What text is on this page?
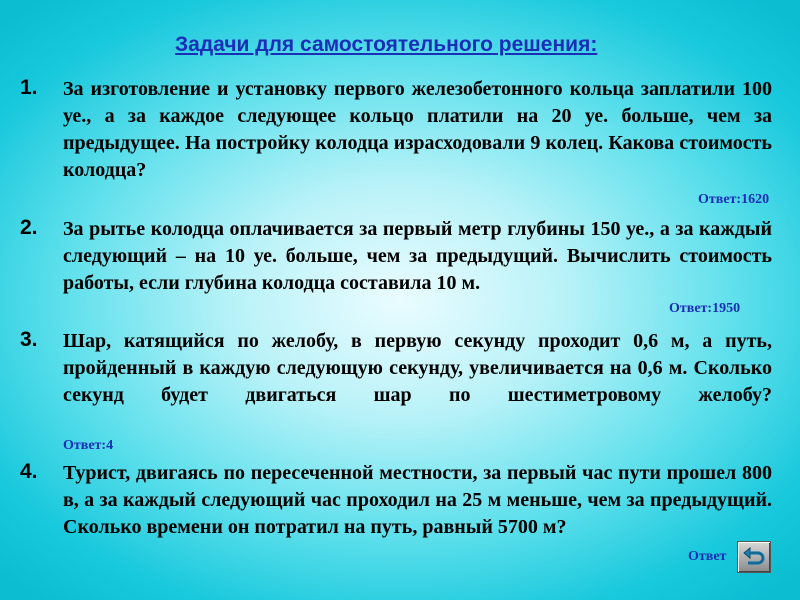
Задачи для самостоятельного решения:
1. За изготовление и установку первого железобетонного кольца заплатили 100 уе., а за каждое следующее кольцо платили на 20 уе. больше, чем за предыдущее. На постройку колодца израсходовали 9 колец. Какова стоимость колодца?
Ответ:1620
2. За рытье колодца оплачивается за первый метр глубины 150 уе., а за каждый следующий – на 10 уе. больше, чем за предыдущий. Вычислить стоимость работы, если глубина колодца составила 10 м.
Ответ:1950
3. Шар, катящийся по желобу, в первую секунду проходит 0,6 м, а путь, пройденный в каждую следующую секунду, увеличивается на 0,6 м. Сколько секунд будет двигаться шар по шестиметровому желобу?
Ответ:4
4. Турист, двигаясь по пересеченной местности, за первый час пути прошел 800 в, а за каждый следующий час проходил на 25 м меньше, чем за предыдущий. Сколько времени он потратил на путь, равный 5700 м?
Ответ
